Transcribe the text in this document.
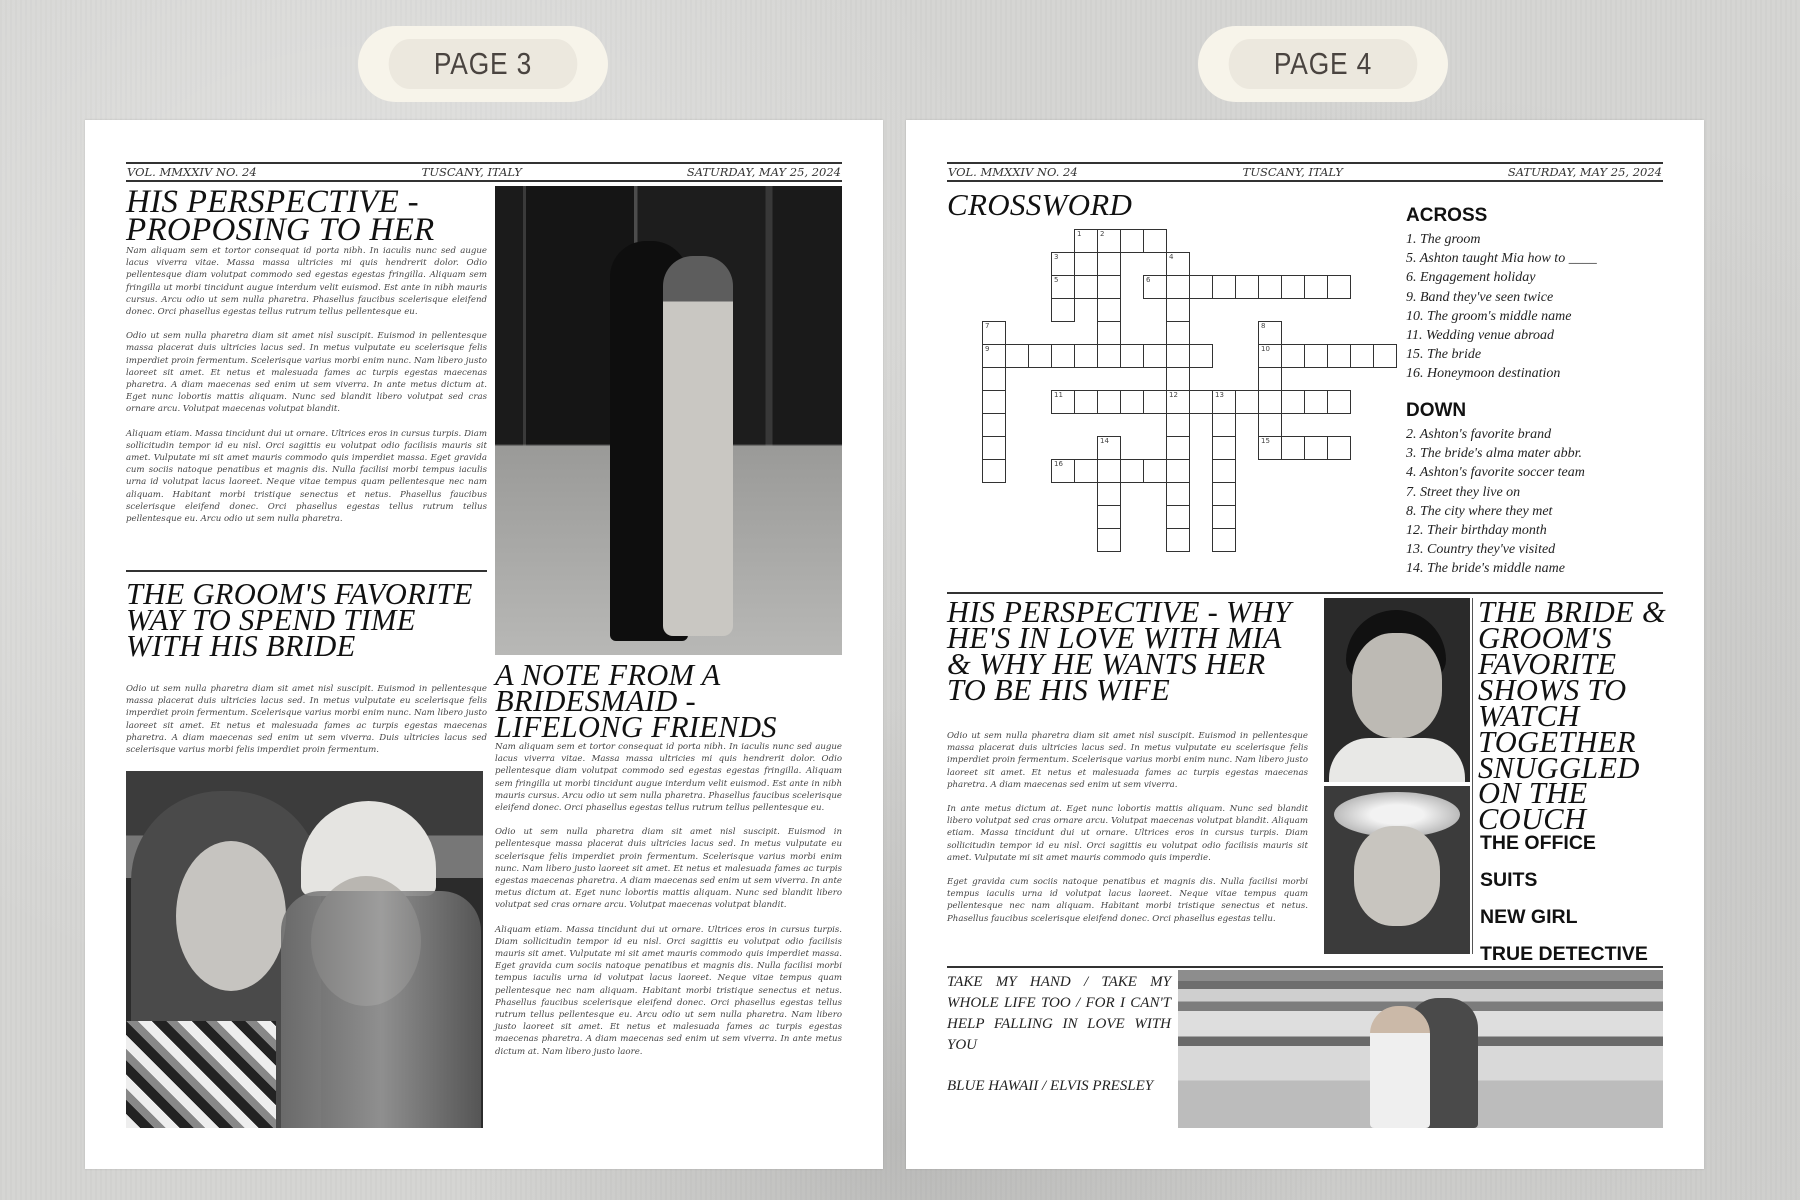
PAGE 3	PAGE 4
VOL. MMXXIV NO. 24	TUSCANY, ITALY	SATURDAY, MAY 25, 2024
HIS PERSPECTIVE - PROPOSING TO HER

Nam aliquam sem et tortor consequat id porta nibh. In iaculis nunc sed augue lacus viverra vitae. Massa massa ultricies mi quis hendrerit dolor. Odio pellentesque diam volutpat commodo sed egestas egestas fringilla. Aliquam sem fringilla ut morbi tincidunt augue interdum velit euismod. Est ante in nibh mauris cursus. Arcu odio ut sem nulla pharetra. Phasellus faucibus scelerisque eleifend donec. Orci phasellus egestas tellus rutrum tellus pellentesque eu.

Odio ut sem nulla pharetra diam sit amet nisl suscipit. Euismod in pellentesque massa placerat duis ultricies lacus sed. In metus vulputate eu scelerisque felis imperdiet proin fermentum. Scelerisque varius morbi enim nunc. Nam libero justo laoreet sit amet. Et netus et malesuada fames ac turpis egestas maecenas pharetra. A diam maecenas sed enim ut sem viverra. In ante metus dictum at. Eget nunc lobortis mattis aliquam. Nunc sed blandit libero volutpat sed cras ornare arcu. Volutpat maecenas volutpat blandit.

Aliquam etiam. Massa tincidunt dui ut ornare. Ultrices eros in cursus turpis. Diam sollicitudin tempor id eu nisl. Orci sagittis eu volutpat odio facilisis mauris sit amet. Vulputate mi sit amet mauris commodo quis imperdiet massa. Eget gravida cum sociis natoque penatibus et magnis dis. Nulla facilisi morbi tempus iaculis urna id volutpat lacus laoreet. Neque vitae tempus quam pellentesque nec nam aliquam. Habitant morbi tristique senectus et netus. Phasellus faucibus scelerisque eleifend donec. Orci phasellus egestas tellus rutrum tellus pellentesque eu. Arcu odio ut sem nulla pharetra.

THE GROOM'S FAVORITE WAY TO SPEND TIME WITH HIS BRIDE

Odio ut sem nulla pharetra diam sit amet nisl suscipit. Euismod in pellentesque massa placerat duis ultricies lacus sed. In metus vulputate eu scelerisque felis imperdiet proin fermentum. Scelerisque varius morbi enim nunc. Nam libero justo laoreet sit amet. Et netus et malesuada fames ac turpis egestas maecenas pharetra. A diam maecenas sed enim ut sem viverra. Duis ultricies lacus sed scelerisque varius morbi felis imperdiet proin fermentum.

A NOTE FROM A BRIDESMAID - LIFELONG FRIENDS

Nam aliquam sem et tortor consequat id porta nibh. In iaculis nunc sed augue lacus viverra vitae. Massa massa ultricies mi quis hendrerit dolor. Odio pellentesque diam volutpat commodo sed egestas egestas fringilla. Aliquam sem fringilla ut morbi tincidunt augue interdum velit euismod. Est ante in nibh mauris cursus. Arcu odio ut sem nulla pharetra. Phasellus faucibus scelerisque eleifend donec. Orci phasellus egestas tellus rutrum tellus pellentesque eu.

Odio ut sem nulla pharetra diam sit amet nisl suscipit. Euismod in pellentesque massa placerat duis ultricies lacus sed. In metus vulputate eu scelerisque felis imperdiet proin fermentum. Scelerisque varius morbi enim nunc. Nam libero justo laoreet sit amet. Et netus et malesuada fames ac turpis egestas maecenas pharetra. A diam maecenas sed enim ut sem viverra. In ante metus dictum at. Eget nunc lobortis mattis aliquam. Nunc sed blandit libero volutpat sed cras ornare arcu. Volutpat maecenas volutpat blandit.

Aliquam etiam. Massa tincidunt dui ut ornare. Ultrices eros in cursus turpis. Diam sollicitudin tempor id eu nisl. Orci sagittis eu volutpat odio facilisis mauris sit amet. Vulputate mi sit amet mauris commodo quis imperdiet massa. Eget gravida cum sociis natoque penatibus et magnis dis. Nulla facilisi morbi tempus iaculis urna id volutpat lacus laoreet. Neque vitae tempus quam pellentesque nec nam aliquam. Habitant morbi tristique senectus et netus. Phasellus faucibus scelerisque eleifend donec. Orci phasellus egestas tellus rutrum tellus pellentesque eu. Arcu odio ut sem nulla pharetra. Nam libero justo laoreet sit amet. Et netus et malesuada fames ac turpis egestas maecenas pharetra. A diam maecenas sed enim ut sem viverra. In ante metus dictum at. Nam libero justo laore.

VOL. MMXXIV NO. 24	TUSCANY, ITALY	SATURDAY, MAY 25, 2024
CROSSWORD	ACROSS
1. The groom
5. Ashton taught Mia how to ____
6. Engagement holiday
9. Band they've seen twice
10. The groom's middle name
11. Wedding venue abroad
15. The bride
16. Honeymoon destination
DOWN
2. Ashton's favorite brand
3. The bride's alma mater abbr.
4. Ashton's favorite soccer team
7. Street they live on
8. The city where they met
12. Their birthday month
13. Country they've visited
14. The bride's middle name
HIS PERSPECTIVE - WHY HE'S IN LOVE WITH MIA & WHY HE WANTS HER TO BE HIS WIFE

Odio ut sem nulla pharetra diam sit amet nisl suscipit. Euismod in pellentesque massa placerat duis ultricies lacus sed. In metus vulputate eu scelerisque felis imperdiet proin fermentum. Scelerisque varius morbi enim nunc. Nam libero justo laoreet sit amet. Et netus et malesuada fames ac turpis egestas maecenas pharetra. A diam maecenas sed enim ut sem viverra.

In ante metus dictum at. Eget nunc lobortis mattis aliquam. Nunc sed blandit libero volutpat sed cras ornare arcu. Volutpat maecenas volutpat blandit. Aliquam etiam. Massa tincidunt dui ut ornare. Ultrices eros in cursus turpis. Diam sollicitudin tempor id eu nisl. Orci sagittis eu volutpat odio facilisis mauris sit amet. Vulputate mi sit amet mauris commodo quis imperdie.

Eget gravida cum sociis natoque penatibus et magnis dis. Nulla facilisi morbi tempus iaculis urna id volutpat lacus laoreet. Neque vitae tempus quam pellentesque nec nam aliquam. Habitant morbi tristique senectus et netus. Phasellus faucibus scelerisque eleifend donec. Orci phasellus egestas tellu.

THE BRIDE & GROOM'S FAVORITE SHOWS TO WATCH TOGETHER SNUGGLED ON THE COUCH
THE OFFICE
SUITS
NEW GIRL
TRUE DETECTIVE

TAKE MY HAND / TAKE MY WHOLE LIFE TOO / FOR I CAN'T HELP FALLING IN LOVE WITH YOU

BLUE HAWAII / ELVIS PRESLEY

1	2
3
5
4
12
6
7
9
8
10
15
11	13
14
16
